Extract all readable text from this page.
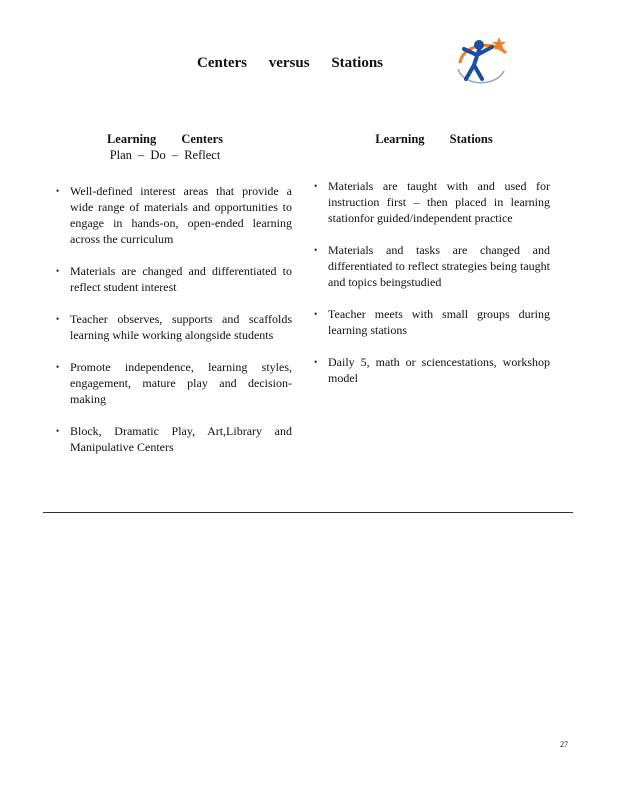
Centers versus Stations
Learning Centers
Plan – Do – Reflect
• Well-defined interest areas that provide a wide range of materials and opportunities to engage in hands-on, open-ended learning across the curriculum
• Materials are changed and differentiated to reflect student interest
• Teacher observes, supports and scaffolds learning while working alongside students
• Promote independence, learning styles, engagement, mature play and decision-making
• Block, Dramatic Play, Art,Library and Manipulative Centers
Learning Stations
• Materials are taught with and used for instruction first – then placed in learning stationfor guided/independent practice
• Materials and tasks are changed and differentiated to reflect strategies being taught and topics beingstudied
• Teacher meets with small groups during learning stations
• Daily 5, math or sciencestations, workshop model
27
